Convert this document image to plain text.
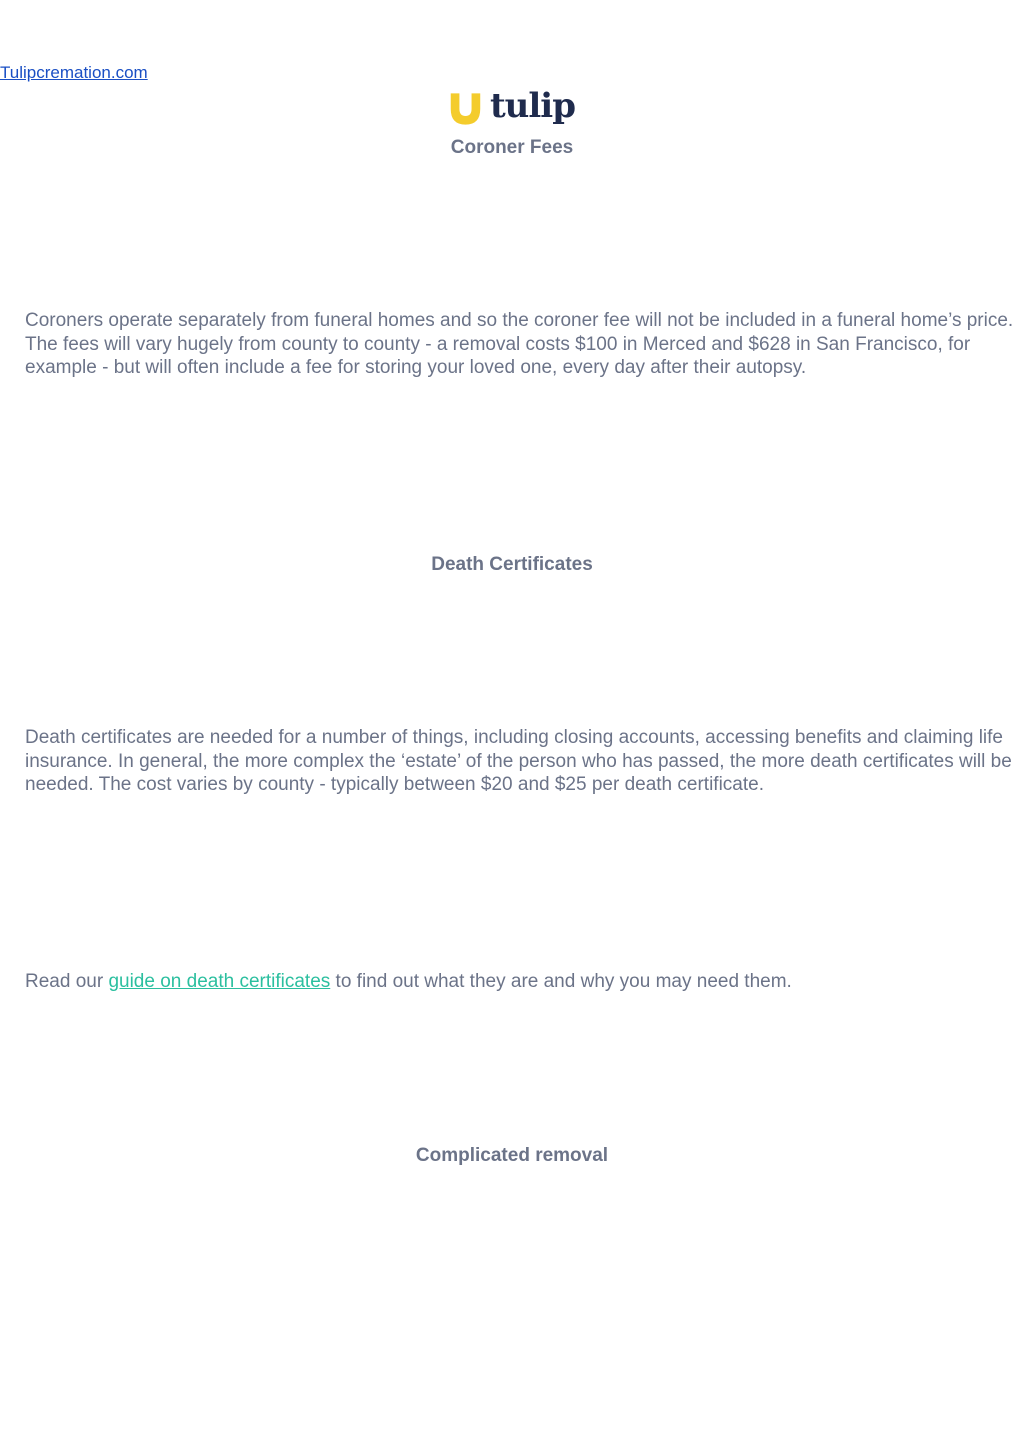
Tulipcremation.com
tulip
Coroner Fees

Coroners operate separately from funeral homes and so the coroner fee will not be included in a funeral home’s price. The fees will vary hugely from county to county - a removal costs $100 in Merced and $628 in San Francisco, for example - but will often include a fee for storing your loved one, every day after their autopsy.

Death Certificates

Death certificates are needed for a number of things, including closing accounts, accessing benefits and claiming life insurance. In general, the more complex the ‘estate’ of the person who has passed, the more death certificates will be needed. The cost varies by county - typically between $20 and $25 per death certificate.

Read our guide on death certificates to find out what they are and why you may need them.

Complicated removal
